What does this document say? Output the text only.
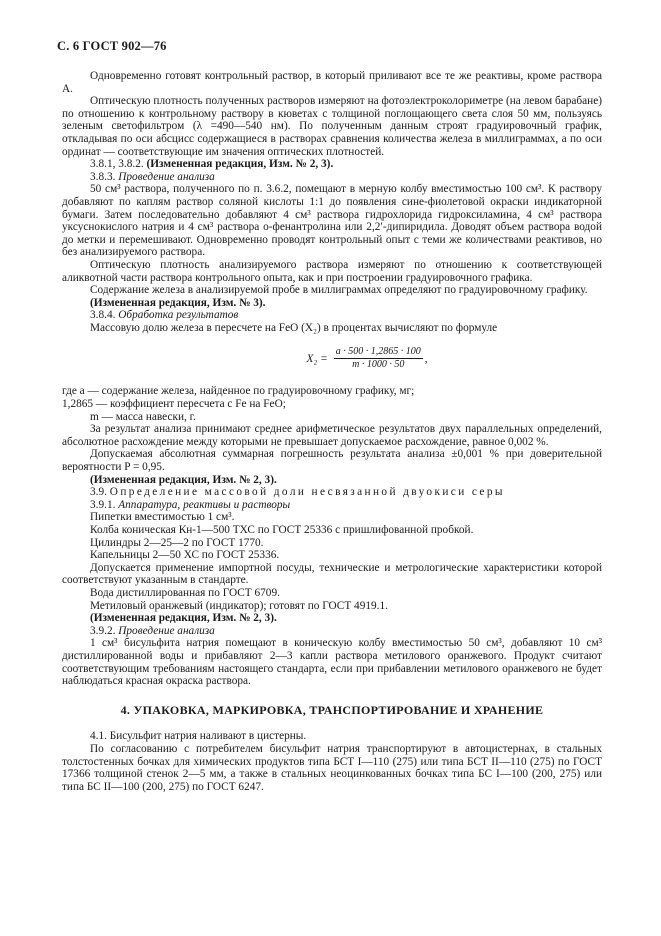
С. 6 ГОСТ 902—76

Одновременно готовят контрольный раствор, в который приливают все те же реактивы, кроме раствора А.

Оптическую плотность полученных растворов измеряют на фотоэлектроколориметре (на левом барабане) по отношению к контрольному раствору в кюветах с толщиной поглощающего света слоя 50 мм, пользуясь зеленым светофильтром (λ =490—540 нм). По полученным данным строят градуировочный график, откладывая по оси абсцисс содержащиеся в растворах сравнения количества железа в миллиграммах, а по оси ординат — соответствующие им значения оптических плотностей.

3.8.1, 3.8.2. (Измененная редакция, Изм. № 2, 3).

3.8.3. Проведение анализа

50 см³ раствора, полученного по п. 3.6.2, помещают в мерную колбу вместимостью 100 см³. К раствору добавляют по каплям раствор соляной кислоты 1:1 до появления сине-фиолетовой окраски индикаторной бумаги. Затем последовательно добавляют 4 см³ раствора гидрохлорида гидроксиламина, 4 см³ раствора уксуснокислого натрия и 4 см³ раствора о-фенантролина или 2,2′-дипиридила. Доводят объем раствора водой до метки и перемешивают. Одновременно проводят контрольный опыт с теми же количествами реактивов, но без анализируемого раствора.

Оптическую плотность анализируемого раствора измеряют по отношению к соответствующей аликвотной части раствора контрольного опыта, как и при построении градуировочного графика.

Содержание железа в анализируемой пробе в миллиграммах определяют по градуировочному графику.

(Измененная редакция, Изм. № 3).

3.8.4. Обработка результатов

Массовую долю железа в пересчете на FeO (X₂) в процентах вычисляют по формуле

$X_2 = \frac{a \cdot 500 \cdot 1,2865 \cdot 100}{m \cdot 1000 \cdot 50}$ ,

где a — содержание железа, найденное по градуировочному графику, мг;

1,2865 — коэффициент пересчета с Fe на FeO;

m — масса навески, г.

За результат анализа принимают среднее арифметическое результатов двух параллельных определений, абсолютное расхождение между которыми не превышает допускаемое расхождение, равное 0,002 %.

Допускаемая абсолютная суммарная погрешность результата анализа ±0,001 % при доверительной вероятности P = 0,95.

(Измененная редакция, Изм. № 2, 3).

3.9. Определение массовой доли несвязанной двуокиси серы

3.9.1. Аппаратура, реактивы и растворы

Пипетки вместимостью 1 см³.

Колба коническая Кн-1—500 ТХС по ГОСТ 25336 с пришлифованной пробкой.

Цилиндры 2—25—2 по ГОСТ 1770.

Капельницы 2—50 ХС по ГОСТ 25336.

Допускается применение импортной посуды, технические и метрологические характеристики которой соответствуют указанным в стандарте.

Вода дистиллированная по ГОСТ 6709.

Метиловый оранжевый (индикатор); готовят по ГОСТ 4919.1.

(Измененная редакция, Изм. № 2, 3).

3.9.2. Проведение анализа

1 см³ бисульфита натрия помещают в коническую колбу вместимостью 50 см³, добавляют 10 см³ дистиллированной воды и прибавляют 2—3 капли раствора метилового оранжевого. Продукт считают соответствующим требованиям настоящего стандарта, если при прибавлении метилового оранжевого не будет наблюдаться красная окраска раствора.

4. УПАКОВКА, МАРКИРОВКА, ТРАНСПОРТИРОВАНИЕ И ХРАНЕНИЕ

4.1. Бисульфит натрия наливают в цистерны.

По согласованию с потребителем бисульфит натрия транспортируют в автоцистернах, в стальных толстостенных бочках для химических продуктов типа БСТ I—110 (275) или типа БСТ II—110 (275) по ГОСТ 17366 толщиной стенок 2—5 мм, а также в стальных неоцинкованных бочках типа БС I—100 (200, 275) или типа БС II—100 (200, 275) по ГОСТ 6247.
